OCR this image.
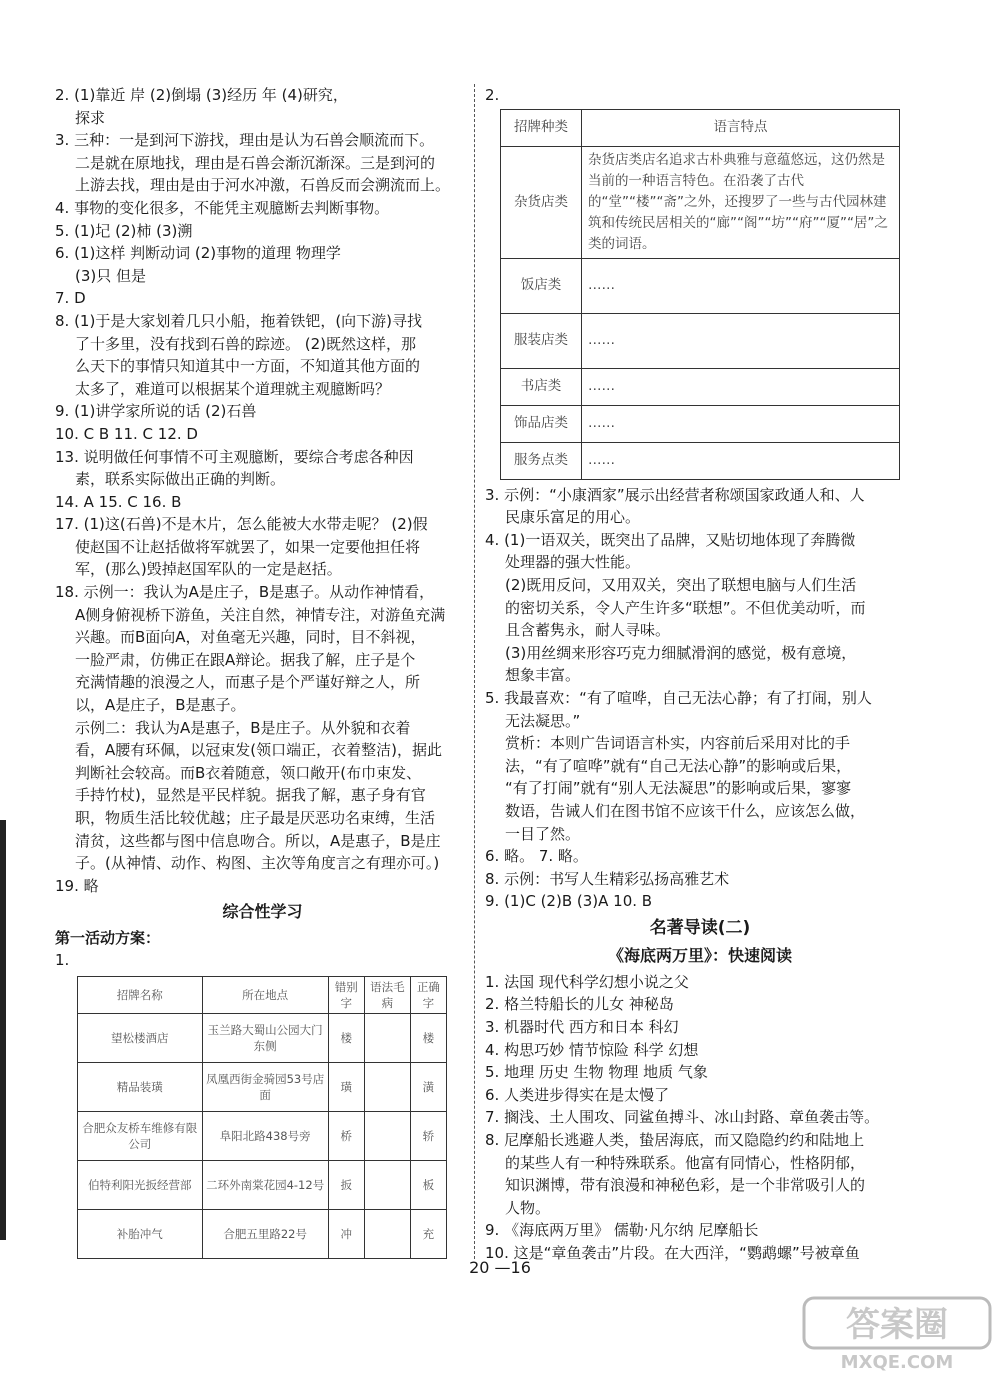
2. (1)靠近 岸 (2)倒塌 (3)经历 年 (4)研究，
探求
3. 三种：一是到河下游找，理由是认为石兽会顺流而下。
二是就在原地找，理由是石兽会渐沉渐深。三是到河的
上游去找，理由是由于河水冲激，石兽反而会溯流而上。
4. 事物的变化很多，不能凭主观臆断去判断事物。
5. (1)圮 (2)柿 (3)溯
6. (1)这样 判断动词 (2)事物的道理 物理学
(3)只 但是
7. D
8. (1)于是大家划着几只小船，拖着铁钯，(向下游)寻找
了十多里，没有找到石兽的踪迹。 (2)既然这样，那
么天下的事情只知道其中一方面，不知道其他方面的
太多了，难道可以根据某个道理就主观臆断吗？
9. (1)讲学家所说的话 (2)石兽
10. C B 11. C 12. D
13. 说明做任何事情不可主观臆断，要综合考虑各种因
素，联系实际做出正确的判断。
14. A 15. C 16. B
17. (1)这(石兽)不是木片，怎么能被大水带走呢？ (2)假
使赵国不让赵括做将军就罢了，如果一定要他担任将
军，(那么)毁掉赵国军队的一定是赵括。
18. 示例一：我认为A是庄子，B是惠子。从动作神情看，
A侧身俯视桥下游鱼，关注自然，神情专注，对游鱼充满
兴趣。而B面向A，对鱼毫无兴趣，同时，目不斜视，
一脸严肃，仿佛正在跟A辩论。据我了解，庄子是个
充满情趣的浪漫之人，而惠子是个严谨好辩之人，所
以，A是庄子，B是惠子。
示例二：我认为A是惠子，B是庄子。从外貌和衣着
看，A腰有环佩，以冠束发(领口端正，衣着整洁)，据此
判断社会较高。而B衣着随意，领口敞开(布巾束发、
手持竹杖)，显然是平民样貌。据我了解，惠子身有官
职，物质生活比较优越；庄子最是厌恶功名束缚，生活
清贫，这些都与图中信息吻合。所以，A是惠子，B是庄
子。(从神情、动作、构图、主次等角度言之有理亦可。)
19. 略
综合性学习
第一活动方案：
1.
招牌名称	所在地点	错别字	语法毛病	正确字
望松楼酒店	玉兰路大蜀山公园大门东侧	楼		楼
精品装璜	凤凰西街金骑园53号店面	璜		潢
合肥众友桥车维修有限公司	阜阳北路438号旁	桥		轿
伯特利阳光扳经营部	二环外南棠花园4-12号	扳		板
补胎冲气	合肥五里路22号	冲		充
2.
招牌种类	语言特点
杂货店类	杂货店类店名追求古朴典雅与意蕴悠远，这仍然是当前的一种语言特色。在沿袭了古代的“堂”“楼”“斋”之外，还搜罗了一些与古代园林建筑和传统民居相关的“廊”“阁”“坊”“府”“厦”“居”之类的词语。
饭店类	……
服装店类	……
书店类	……
饰品店类	……
服务点类	……
3. 示例：“小康酒家”展示出经营者称颂国家政通人和、人
民康乐富足的用心。
4. (1)一语双关，既突出了品牌，又贴切地体现了奔腾微
处理器的强大性能。
(2)既用反问，又用双关，突出了联想电脑与人们生活
的密切关系，令人产生许多“联想”。不但优美动听，而
且含蓄隽永，耐人寻味。
(3)用丝绸来形容巧克力细腻滑润的感觉，极有意境，
想象丰富。
5. 我最喜欢：“有了喧哗，自己无法心静；有了打闹，别人
无法凝思。”
赏析：本则广告词语言朴实，内容前后采用对比的手
法，“有了喧哗”就有“自己无法心静”的影响或后果，
“有了打闹”就有“别人无法凝思”的影响或后果，寥寥
数语，告诫人们在图书馆不应该干什么，应该怎么做，
一目了然。
6. 略。 7. 略。
8. 示例：书写人生精彩弘扬高雅艺术
9. (1)C (2)B (3)A 10. B
名著导读(二)
《海底两万里》：快速阅读
1. 法国 现代科学幻想小说之父
2. 格兰特船长的儿女 神秘岛
3. 机器时代 西方和日本 科幻
4. 构思巧妙 情节惊险 科学 幻想
5. 地理 历史 生物 物理 地质 气象
6. 人类进步得实在是太慢了
7. 搁浅、土人围攻、同鲨鱼搏斗、冰山封路、章鱼袭击等。
8. 尼摩船长逃避人类，蛰居海底，而又隐隐约约和陆地上
的某些人有一种特殊联系。他富有同情心，性格阴郁，
知识渊博，带有浪漫和神秘色彩，是一个非常吸引人的
人物。
9. 《海底两万里》 儒勒·凡尔纳 尼摩船长
10. 这是“章鱼袭击”片段。在大西洋，“鹦鹉螺”号被章鱼
20 —16
答案圈
MXQE.COM
